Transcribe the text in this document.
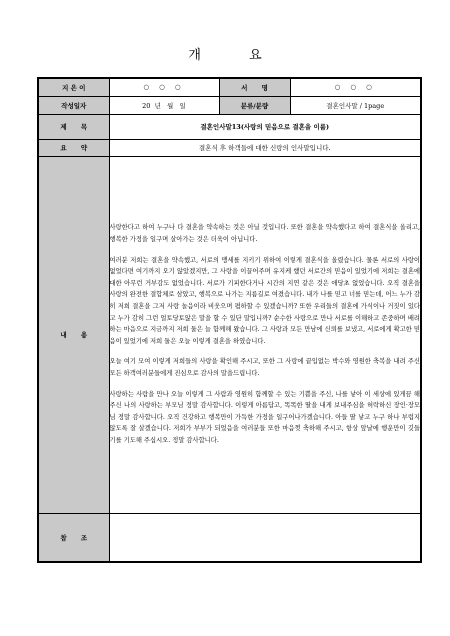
개 요
지 은 이	○ ○ ○	서 명	○ ○ ○
작성일자	20  년   월   일	분류/분량	결혼인사말 / 1page
제 목	결혼인사말13(사랑의 믿음으로 결혼을 이룸)		
요 약	결혼식 후 하객들에 대한 신랑의 인사말입니다.		
내 용	사랑한다고 하여 누구나 다 결혼을 약속하는 것은 아닐 것입니다. 또한 결혼을 약속했다고 하여 결혼식을 올리고, 행복한 가정을 일구며 살아가는 것은 더욱이 아닙니다.

여러분 저희는 결혼을 약속했고, 서로의 맹세를 지키기 위하여 이렇게 결혼식을 올렸습니다. 물론 서로의 사랑이 없었다면 여기까지 오기 않았겠지만, 그 사랑을 이끌어주며 유지케 했던 서로간의 믿음이 있었기에 저희는 결혼에 대한 아무런 거부감도 없었습니다. 서로가 기피한다거나 시간의 지연 같은 것은 애당초 없었습니다. 오직 결혼을 사랑의 완전한 결합체로 삼았고, 행복으로 나가는 지름길로 여겼습니다. 내가 나를 믿고 너를 믿는데, 어느 누가 감히 저희 결혼을 그저 사랑 놀음이라 비웃으며 폄하할 수 있겠습니까? 또한 우리들의 결혼에 가식이나 거짓이 있다고 누가 감히 그런 얼토당토않은 말을 할 수 있단 말입니까? 순수한 사랑으로 만나 서로를 이해하고 존중하며 배려하는 마음으로 지금까지 저희 둘은 늘 함께해 왔습니다. 그 사랑과 모든 만남에 신뢰를 보냈고, 서로에게 확고한 믿음이 있었기에 저희 둘은 오늘 이렇게 결혼을 하였습니다.

오늘 여기 모여 이렇게 저희들의 사랑을 확인해 주시고, 또한 그 사랑에 끝입없는 박수와 영원한 축복을 내려 주신 모든 하객여러분들에게 진심으로 감사의 말을드립니다.

사랑하는 사람을 만나 오늘 이렇게 그 사람과 영원히 함께할 수 있는 기쁨을 주신, 나를 낳아 이 세상에 있게끔 해주신 나의 사랑하는 부모님 정말 감사합니다. 이렇게 아름답고, 똑똑한 딸을 내게 보내주심을 허락하신 장인·장모님 정말 감사합니다. 오직 건강하고 행복만이 가득한 가정을 일구어나가겠습니다. 아들 딸 낳고 누구 하나 부럽지 않도록 잘 살겠습니다. 저희가 부부가 되었음을 여러분들 또한 마음껏 축하해 주시고, 항상 앞날에 행운만이 깃들기를 기도해 주십시오. 정말 감사합니다.		

참 조			
